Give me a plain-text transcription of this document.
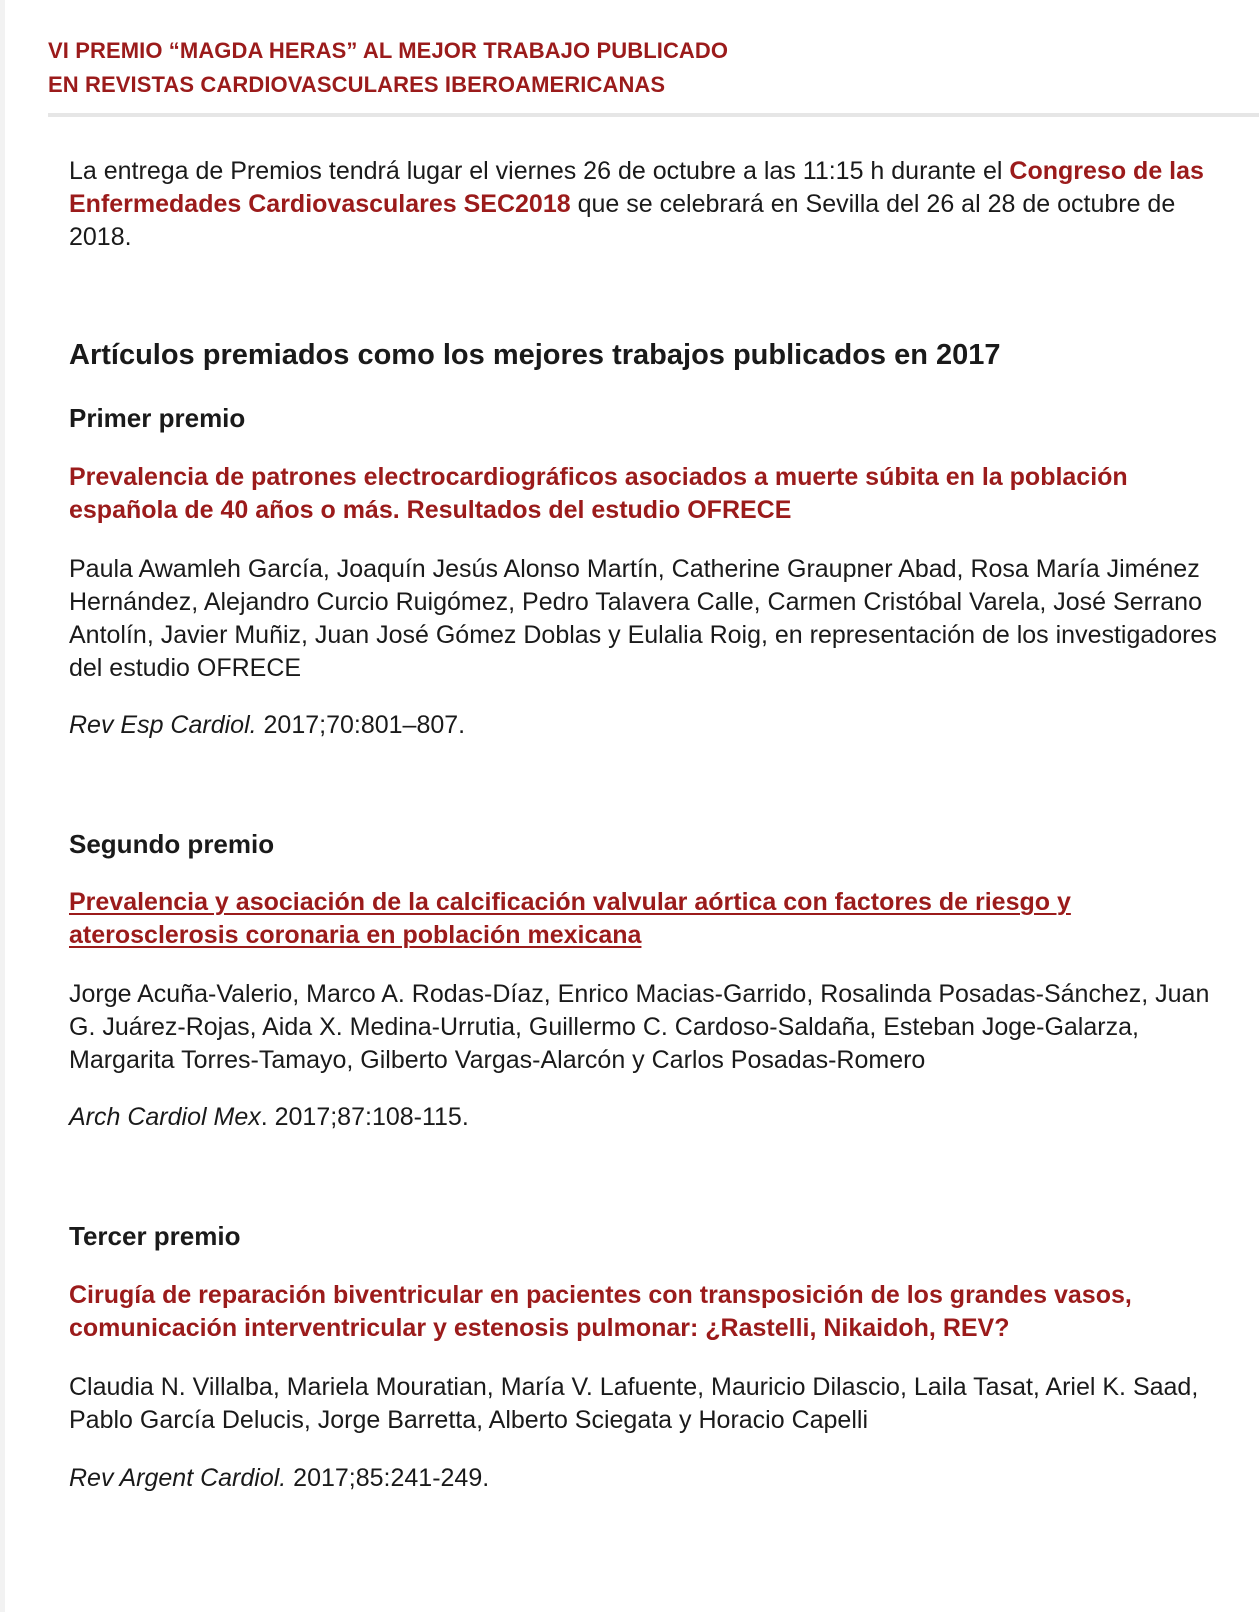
VI PREMIO “MAGDA HERAS” AL MEJOR TRABAJO PUBLICADO
EN REVISTAS CARDIOVASCULARES IBEROAMERICANAS

La entrega de Premios tendrá lugar el viernes 26 de octubre a las 11:15 h durante el Congreso de las Enfermedades Cardiovasculares SEC2018 que se celebrará en Sevilla del 26 al 28 de octubre de 2018.

Artículos premiados como los mejores trabajos publicados en 2017
Primer premio

Prevalencia de patrones electrocardiográficos asociados a muerte súbita en la población española de 40 años o más. Resultados del estudio OFRECE

Paula Awamleh García, Joaquín Jesús Alonso Martín, Catherine Graupner Abad, Rosa María Jiménez Hernández, Alejandro Curcio Ruigómez, Pedro Talavera Calle, Carmen Cristóbal Varela, José Serrano Antolín, Javier Muñiz, Juan José Gómez Doblas y Eulalia Roig, en representación de los investigadores del estudio OFRECE

Rev Esp Cardiol. 2017;70:801–807.

Segundo premio

Prevalencia y asociación de la calcificación valvular aórtica con factores de riesgo y aterosclerosis coronaria en población mexicana

Jorge Acuña-Valerio, Marco A. Rodas-Díaz, Enrico Macias-Garrido, Rosalinda Posadas-Sánchez, Juan G. Juárez-Rojas, Aida X. Medina-Urrutia, Guillermo C. Cardoso-Saldaña, Esteban Joge-Galarza, Margarita Torres-Tamayo, Gilberto Vargas-Alarcón y Carlos Posadas-Romero

Arch Cardiol Mex. 2017;87:108-115.

Tercer premio

Cirugía de reparación biventricular en pacientes con transposición de los grandes vasos, comunicación interventricular y estenosis pulmonar: ¿Rastelli, Nikaidoh, REV?

Claudia N. Villalba, Mariela Mouratian, María V. Lafuente, Mauricio Dilascio, Laila Tasat, Ariel K. Saad, Pablo García Delucis, Jorge Barretta, Alberto Sciegata y Horacio Capelli

Rev Argent Cardiol. 2017;85:241-249.
